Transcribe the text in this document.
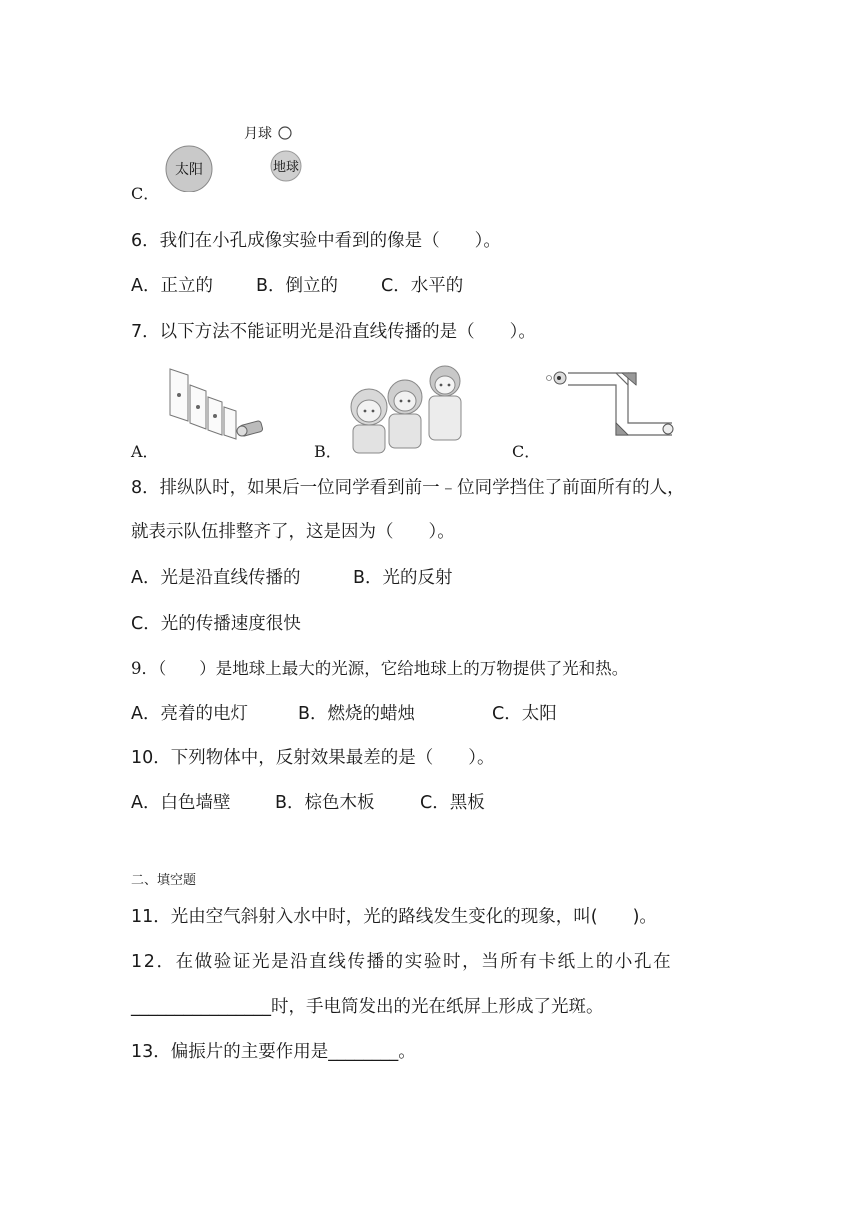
太阳	地球
月球
C．
6．我们在小孔成像实验中看到的像是（　　）。
A．正立的 B．倒立的 C．水平的
7．以下方法不能证明光是沿直线传播的是（　　）。
A．	B．	C．
8．排纵队时，如果后一位同学看到前一﹣位同学挡住了前面所有的人，
就表示队伍排整齐了，这是因为（　　）。
A．光是沿直线传播的	B．光的反射
C．光的传播速度很快
9．（　　）是地球上最大的光源，它给地球上的万物提供了光和热。
A．亮着的电灯	B．燃烧的蜡烛	C．太阳
10．下列物体中，反射效果最差的是（　　）。
A．白色墙壁	B．棕色木板	C．黑板
二、填空题
11．光由空气斜射入水中时，光的路线发生变化的现象，叫(　　)。
12．在做验证光是沿直线传播的实验时，当所有卡纸上的小孔在
________________时，手电筒发出的光在纸屏上形成了光斑。
13．偏振片的主要作用是________。
